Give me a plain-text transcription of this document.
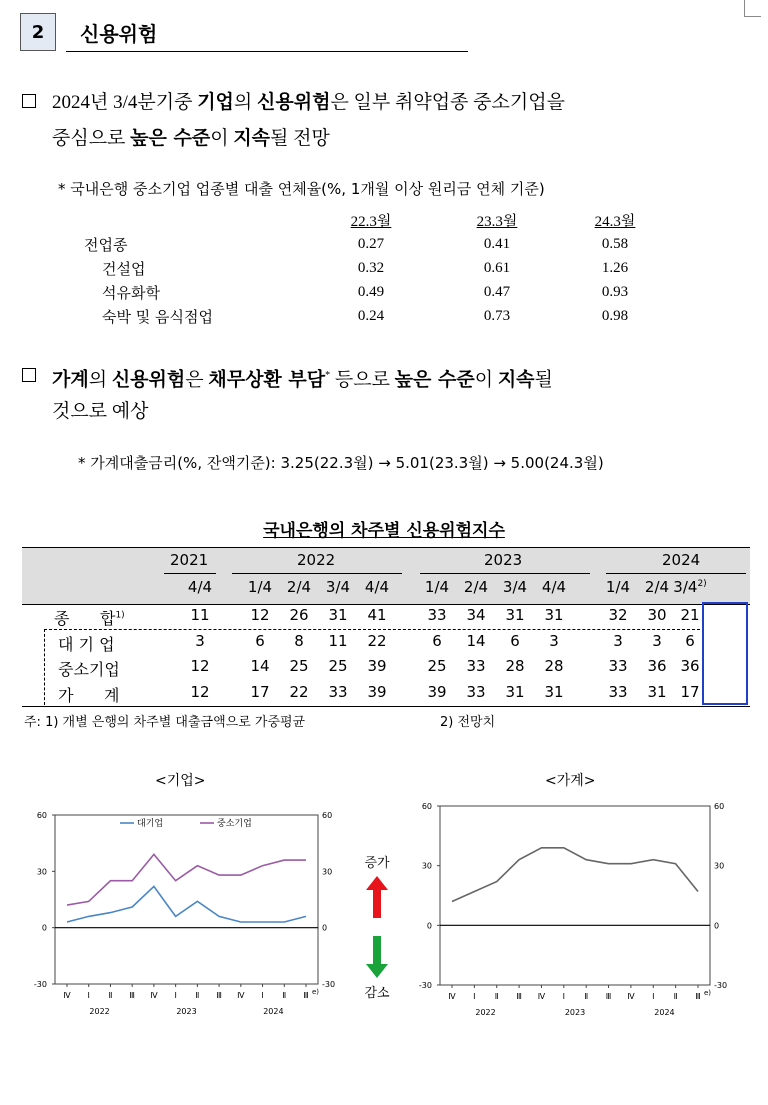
2	신용위험
2024년 3/4분기중 기업의 신용위험은 일부 취약업종 중소기업을
중심으로 높은 수준이 지속될 전망
* 국내은행 중소기업 업종별 대출 연체율(%, 1개월 이상 원리금 연체 기준)
	22.3월	23.3월	24.3월
전업종	0.27	0.41	0.58
건설업	0.32	0.61	1.26
석유화학	0.49	0.47	0.93
숙박 및 음식점업	0.24	0.73	0.98
가계의 신용위험은 채무상환 부담* 등으로 높은 수준이 지속될
것으로 예상
* 가계대출금리(%, 잔액기준): 3.25(22.3월) → 5.01(23.3월) → 5.00(24.3월)
국내은행의 차주별 신용위험지수
2021	2022	2023	2024
4/4	1/4 2/4 3/4 4/4	1/4 2/4 3/4 4/4	1/4 2/4 3/4$^{2)}$
종      합$^{1)}$	11	12	26	31	41	33	34	31	31	32	30 21
대 기 업	3	6	8	11	22	6	14	6	3	3	3	6
중소기업	12	14	25	25	39	25	33	28	28	33	36 36
가      계	12	17	22	33	39	39	33	31	31	33	31 17
주: 1) 개별 은행의 차주별 대출금액으로 가중평균	2) 전망치
<기업>	<가계>
-30	-30
0	0
30	30
60	60
Ⅳ Ⅰ Ⅱ Ⅲ Ⅳ Ⅰ Ⅱ Ⅲ Ⅳ Ⅰ Ⅱ Ⅲ e)
2022	2023	2024
대기업	중소기업
-30	-30
0	0
30	30
60	60
Ⅳ Ⅰ Ⅱ Ⅲ Ⅳ Ⅰ Ⅱ Ⅲ Ⅳ Ⅰ Ⅱ Ⅲ e)
2022	2023	2024
증가
감소
